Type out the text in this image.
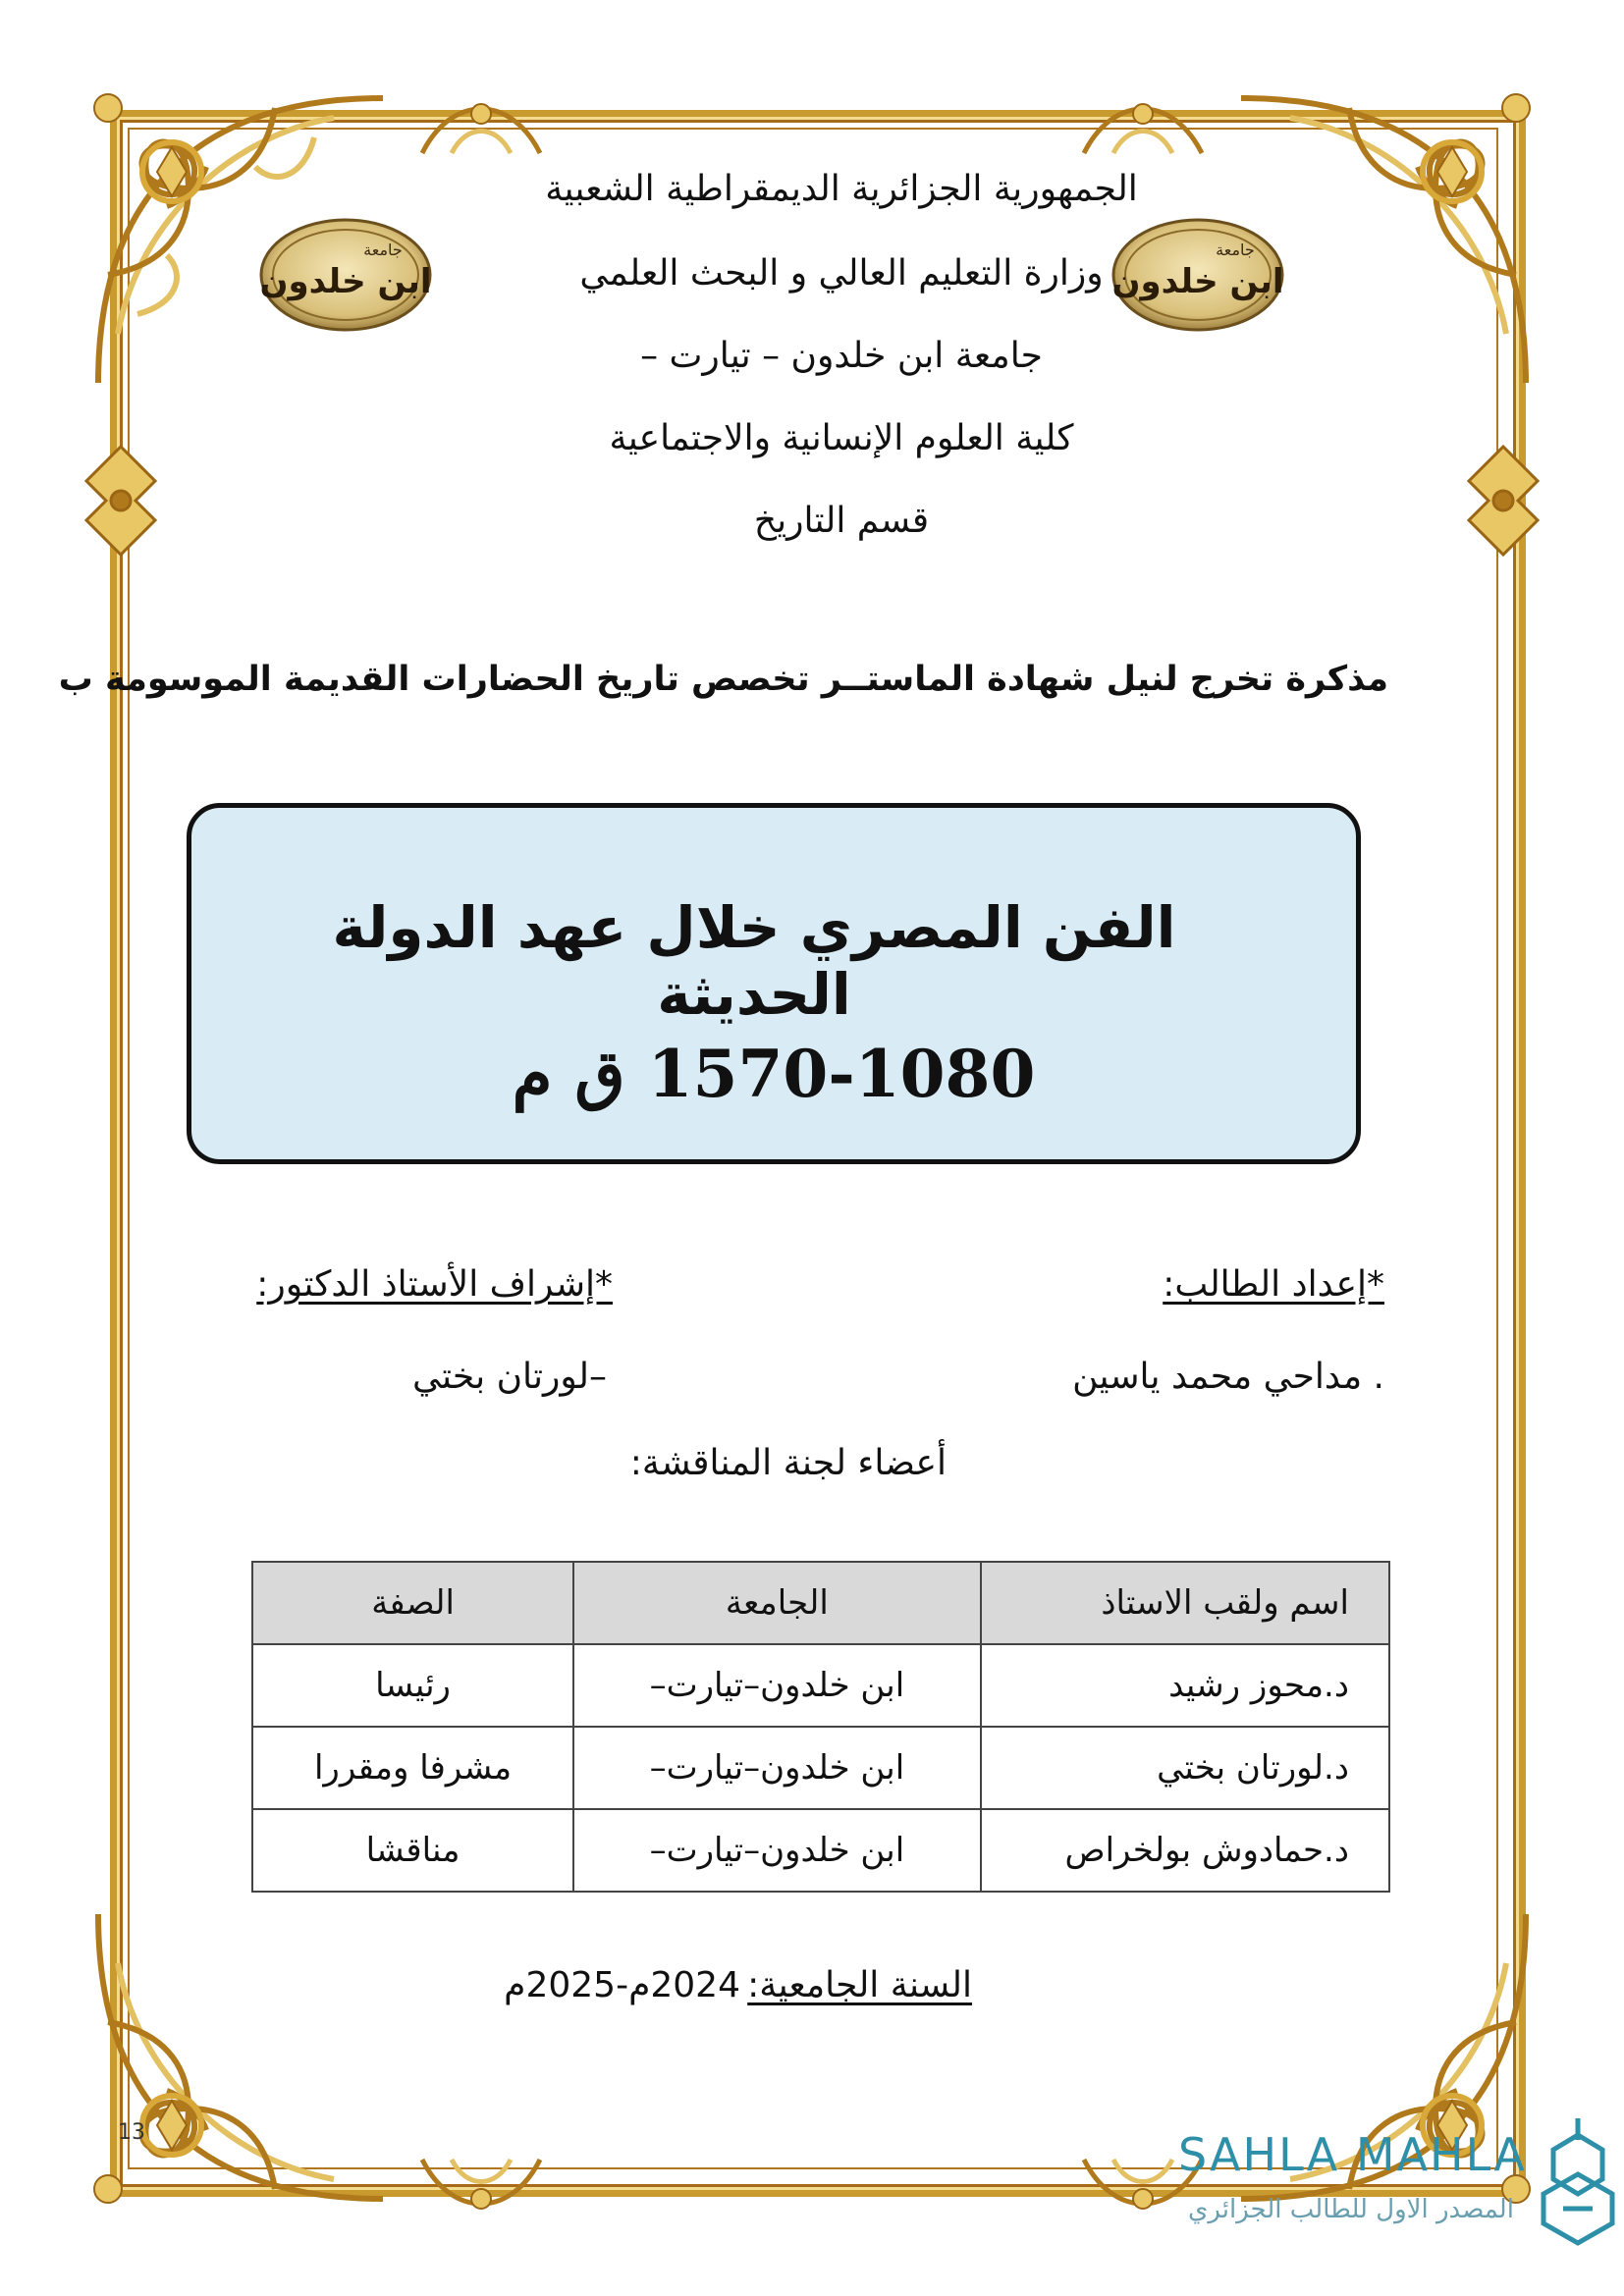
جامعة
ابن خلدون
جامعة
ابن خلدون
الجمهورية الجزائرية الديمقراطية الشعبية
وزارة التعليم العالي و البحث العلمي
جامعة ابن خلدون – تيارت –
كلية العلوم الإنسانية والاجتماعية
قسم التاريخ
مذكرة تخرج لنيل شهادة الماستــر تخصص تاريخ الحضارات القديمة الموسومة ب
الفن المصري خلال عهد الدولة الحديثة
1570-1080 ق م
*إعداد الطالب:
*إشراف الأستاذ الدكتور:
. مداحي محمد ياسين
–لورتان بختي
أعضاء لجنة المناقشة:
اسم ولقب الاستاذ	الجامعة	الصفة
د.محوز رشيد	ابن خلدون–تيارت–	رئيسا
د.لورتان بختي	ابن خلدون–تيارت–	مشرفا ومقررا
د.حمادوش بولخراص	ابن خلدون–تيارت–	مناقشا
السنة الجامعية:
2024م-2025م
13	SAHLA MAHLA
المصدر الاول للطالب الجزائري
